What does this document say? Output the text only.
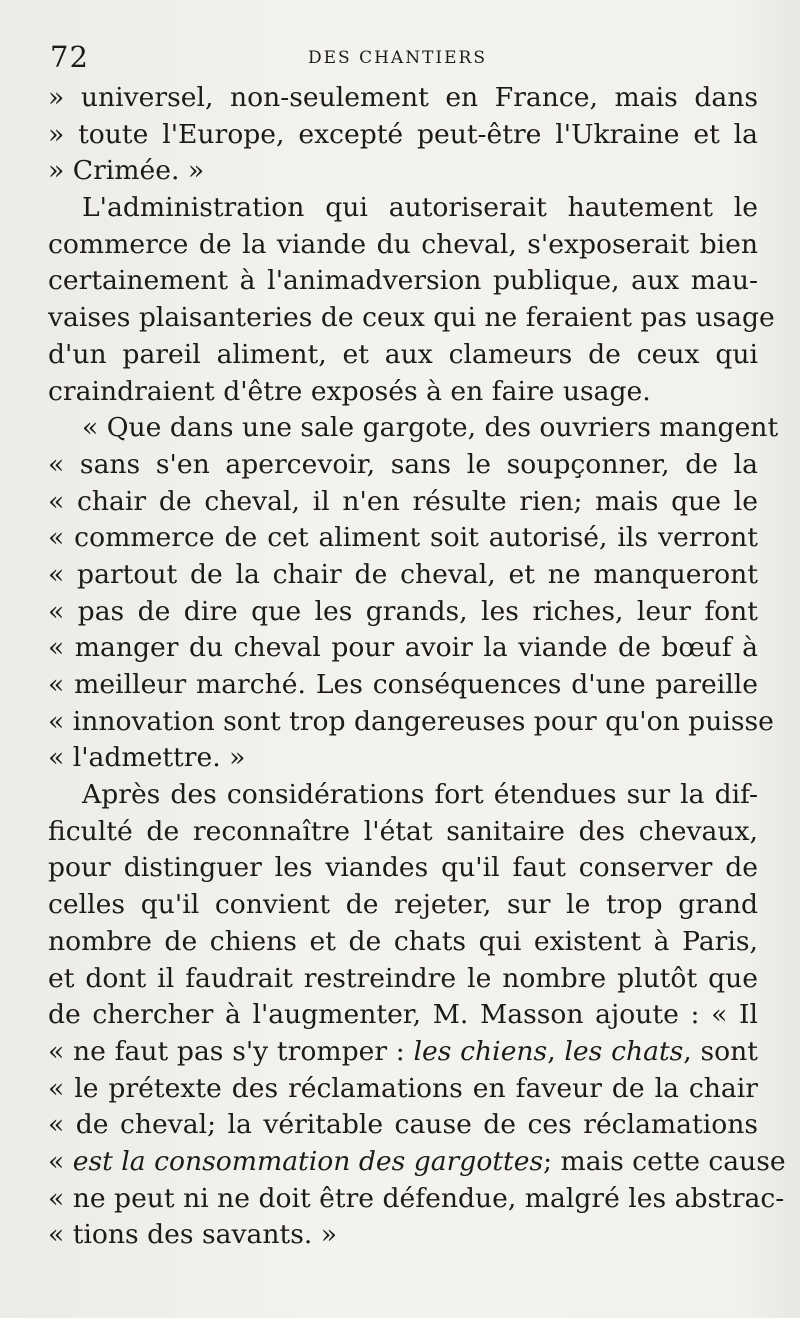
72	DES CHANTIERS
» universel, non-seulement en France, mais dans
» toute l'Europe, excepté peut-être l'Ukraine et la
» Crimée. »
L'administration qui autoriserait hautement le
commerce de la viande du cheval, s'exposerait bien
certainement à l'animadversion publique, aux mau-
vaises plaisanteries de ceux qui ne feraient pas usage
d'un pareil aliment, et aux clameurs de ceux qui
craindraient d'être exposés à en faire usage.
« Que dans une sale gargote, des ouvriers mangent
« sans s'en apercevoir, sans le soupçonner, de la
« chair de cheval, il n'en résulte rien; mais que le
« commerce de cet aliment soit autorisé, ils verront
« partout de la chair de cheval, et ne manqueront
« pas de dire que les grands, les riches, leur font
« manger du cheval pour avoir la viande de bœuf à
« meilleur marché. Les conséquences d'une pareille
« innovation sont trop dangereuses pour qu'on puisse
« l'admettre. »
Après des considérations fort étendues sur la dif-
ficulté de reconnaître l'état sanitaire des chevaux,
pour distinguer les viandes qu'il faut conserver de
celles qu'il convient de rejeter, sur le trop grand
nombre de chiens et de chats qui existent à Paris,
et dont il faudrait restreindre le nombre plutôt que
de chercher à l'augmenter, M. Masson ajoute : « Il
« ne faut pas s'y tromper : les chiens, les chats, sont
« le prétexte des réclamations en faveur de la chair
« de cheval; la véritable cause de ces réclamations
« est la consommation des gargottes; mais cette cause
« ne peut ni ne doit être défendue, malgré les abstrac-
« tions des savants. »
